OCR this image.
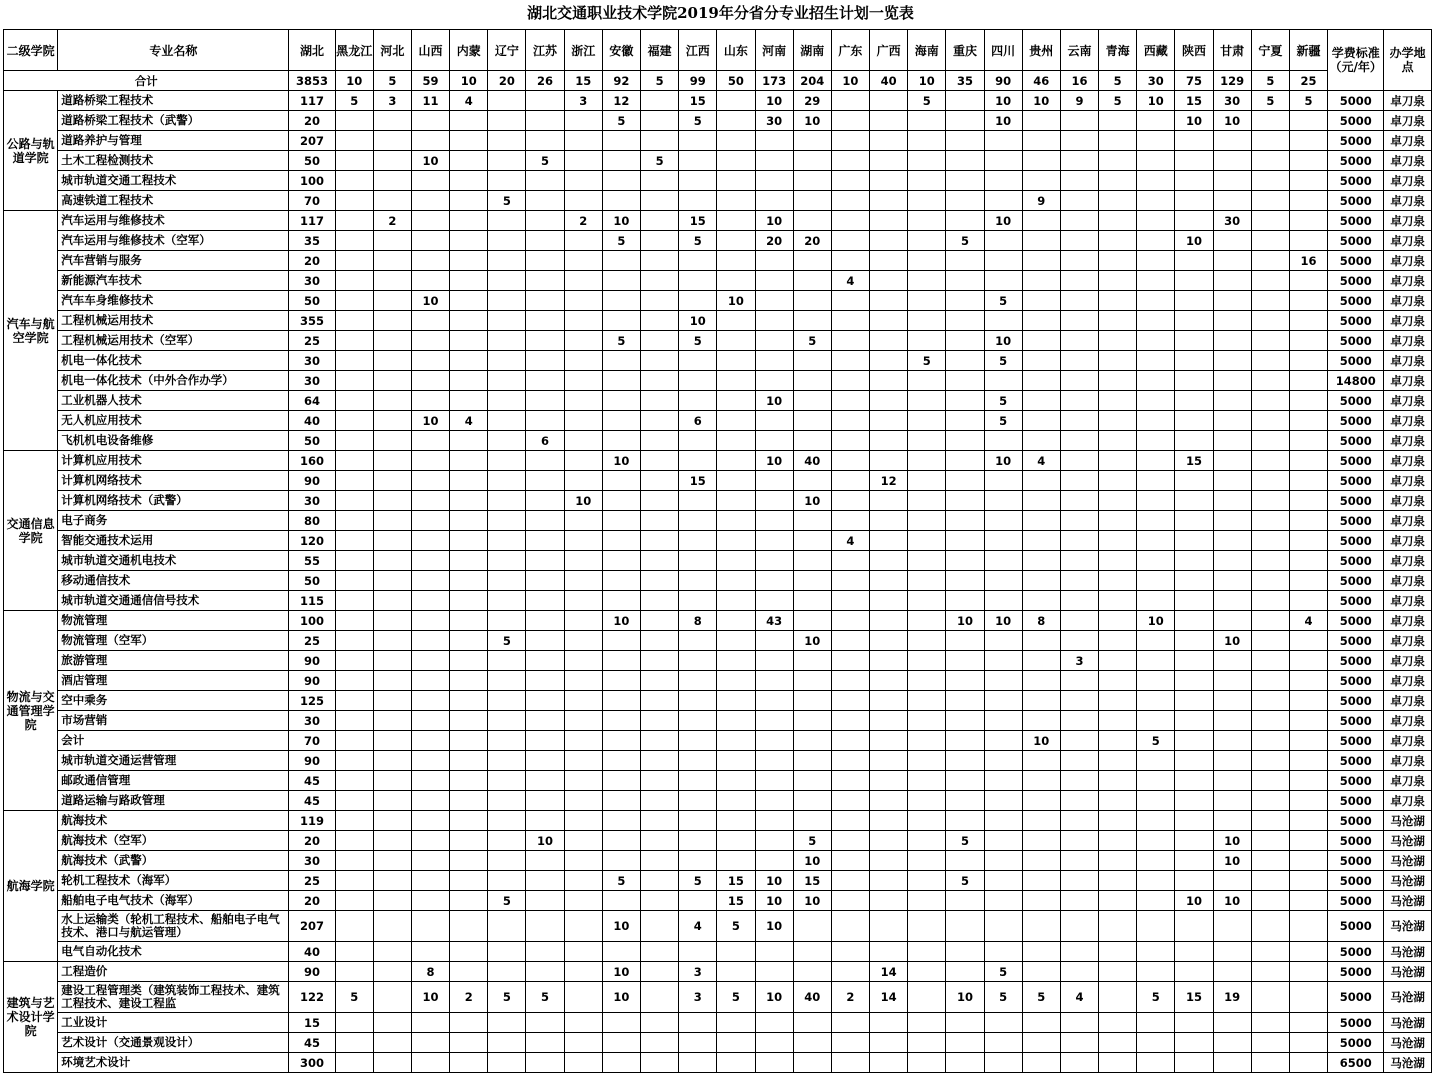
湖北交通职业技术学院2019年分省分专业招生计划一览表
二级学院	专业名称	湖北	黑龙江	河北	山西	内蒙	辽宁	江苏	浙江	安徽	福建	江西	山东	河南	湖南	广东	广西	海南	重庆	四川	贵州	云南	青海	西藏	陕西	甘肃	宁夏	新疆	学费标准（元/年）	办学地点
合计		3853	10	5	59	10	20	26	15	92	5	99	50	173	204	10	40	10	35	90	46	16	5	30	75	129	5	25		
公路与轨道学院	道路桥梁工程技术	117	5	3	11	4			3	12		15		10	29			5		10	10	9	5	10	15	30	5	5	5000	卓刀泉
	道路桥梁工程技术（武警）	20								5		5		30	10					10					10	10			5000	卓刀泉
	道路养护与管理	207																											5000	卓刀泉
	土木工程检测技术	50			10			5			5																		5000	卓刀泉
	城市轨道交通工程技术	100																											5000	卓刀泉
	高速铁道工程技术	70					5														9								5000	卓刀泉
汽车与航空学院	汽车运用与维修技术	117		2					2	10		15		10						10						30			5000	卓刀泉
	汽车运用与维修技术（空军）	35								5		5		20	20				5						10				5000	卓刀泉
	汽车营销与服务	20																										16	5000	卓刀泉
	新能源汽车技术	30														4													5000	卓刀泉
	汽车车身维修技术	50			10								10							5									5000	卓刀泉
	工程机械运用技术	355										10																	5000	卓刀泉
	工程机械运用技术（空军）	25								5		5			5					10									5000	卓刀泉
	机电一体化技术	30																5		5									5000	卓刀泉
	机电一体化技术（中外合作办学）	30																											14800	卓刀泉
	工业机器人技术	64												10						5									5000	卓刀泉
	无人机应用技术	40			10	4						6								5									5000	卓刀泉
	飞机机电设备维修	50						6																					5000	卓刀泉
交通信息学院	计算机应用技术	160								10				10	40					10	4				15				5000	卓刀泉
	计算机网络技术	90										15					12												5000	卓刀泉
	计算机网络技术（武警）	30							10						10														5000	卓刀泉
	电子商务	80																											5000	卓刀泉
	智能交通技术运用	120														4													5000	卓刀泉
	城市轨道交通机电技术	55																											5000	卓刀泉
	移动通信技术	50																											5000	卓刀泉
	城市轨道交通通信信号技术	115																											5000	卓刀泉
物流与交通管理学院	物流管理	100								10		8		43					10	10	8			10				4	5000	卓刀泉
	物流管理（空军）	25					5								10											10			5000	卓刀泉
	旅游管理	90																				3							5000	卓刀泉
	酒店管理	90																											5000	卓刀泉
	空中乘务	125																											5000	卓刀泉
	市场营销	30																											5000	卓刀泉
	会计	70																			10			5					5000	卓刀泉
	城市轨道交通运营管理	90																											5000	卓刀泉
	邮政通信管理	45																											5000	卓刀泉
	道路运输与路政管理	45																											5000	卓刀泉
航海学院	航海技术	119																											5000	马沧湖
	航海技术（空军）	20						10							5				5							10			5000	马沧湖
	航海技术（武警）	30													10											10			5000	马沧湖
	轮机工程技术（海军）	25								5		5	15	10	15				5										5000	马沧湖
	船舶电子电气技术（海军）	20					5						15	10	10										10	10			5000	马沧湖
	水上运输类（轮机工程技术、船舶电子电气技术、港口与航运管理）	207								10		4	5	10															5000	马沧湖
	电气自动化技术	40																											5000	马沧湖
建筑与艺术设计学院	工程造价	90			8					10		3					14			5									5000	马沧湖
	建设工程管理类（建筑装饰工程技术、建筑工程技术、建设工程监	122	5		10	2	5	5		10		3	5	10	40	2	14		10	5	5	4		5	15	19			5000	马沧湖
	工业设计	15																											5000	马沧湖
	艺术设计（交通景观设计）	45																											5000	马沧湖
	环境艺术设计	300																											6500	马沧湖
